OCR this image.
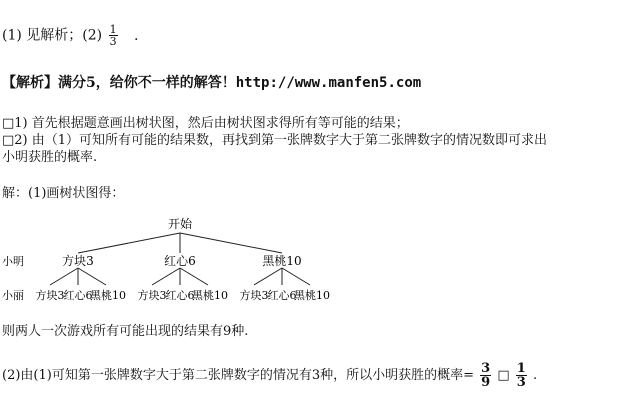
(1) 见解析；$(2) \frac{1}{3}$ .
【解析】满分5，给你不一样的解答！http://www.manfen5.com
□1) 首先根据题意画出树状图，然后由树状图求得所有等可能的结果；
□2) 由（1）可知所有可能的结果数，再找到第一张牌数字大于第二张牌数字的情况数即可求出
小明获胜的概率.
解：(1)画树状图得：
开始
小明
小丽
方块3	红心6	黑桃10
方块3 红心6
黑桃10 方块3 红心6
黑桃10 方块3 红心6
黑桃10
则两人一次游戏所有可能出现的结果有9种.
(2)由(1)可知第一张牌数字大于第二张牌数字的情况有3种，所以小明获胜的概率= $\frac{3}{9}$ □ $\frac{1}{3}$ .
